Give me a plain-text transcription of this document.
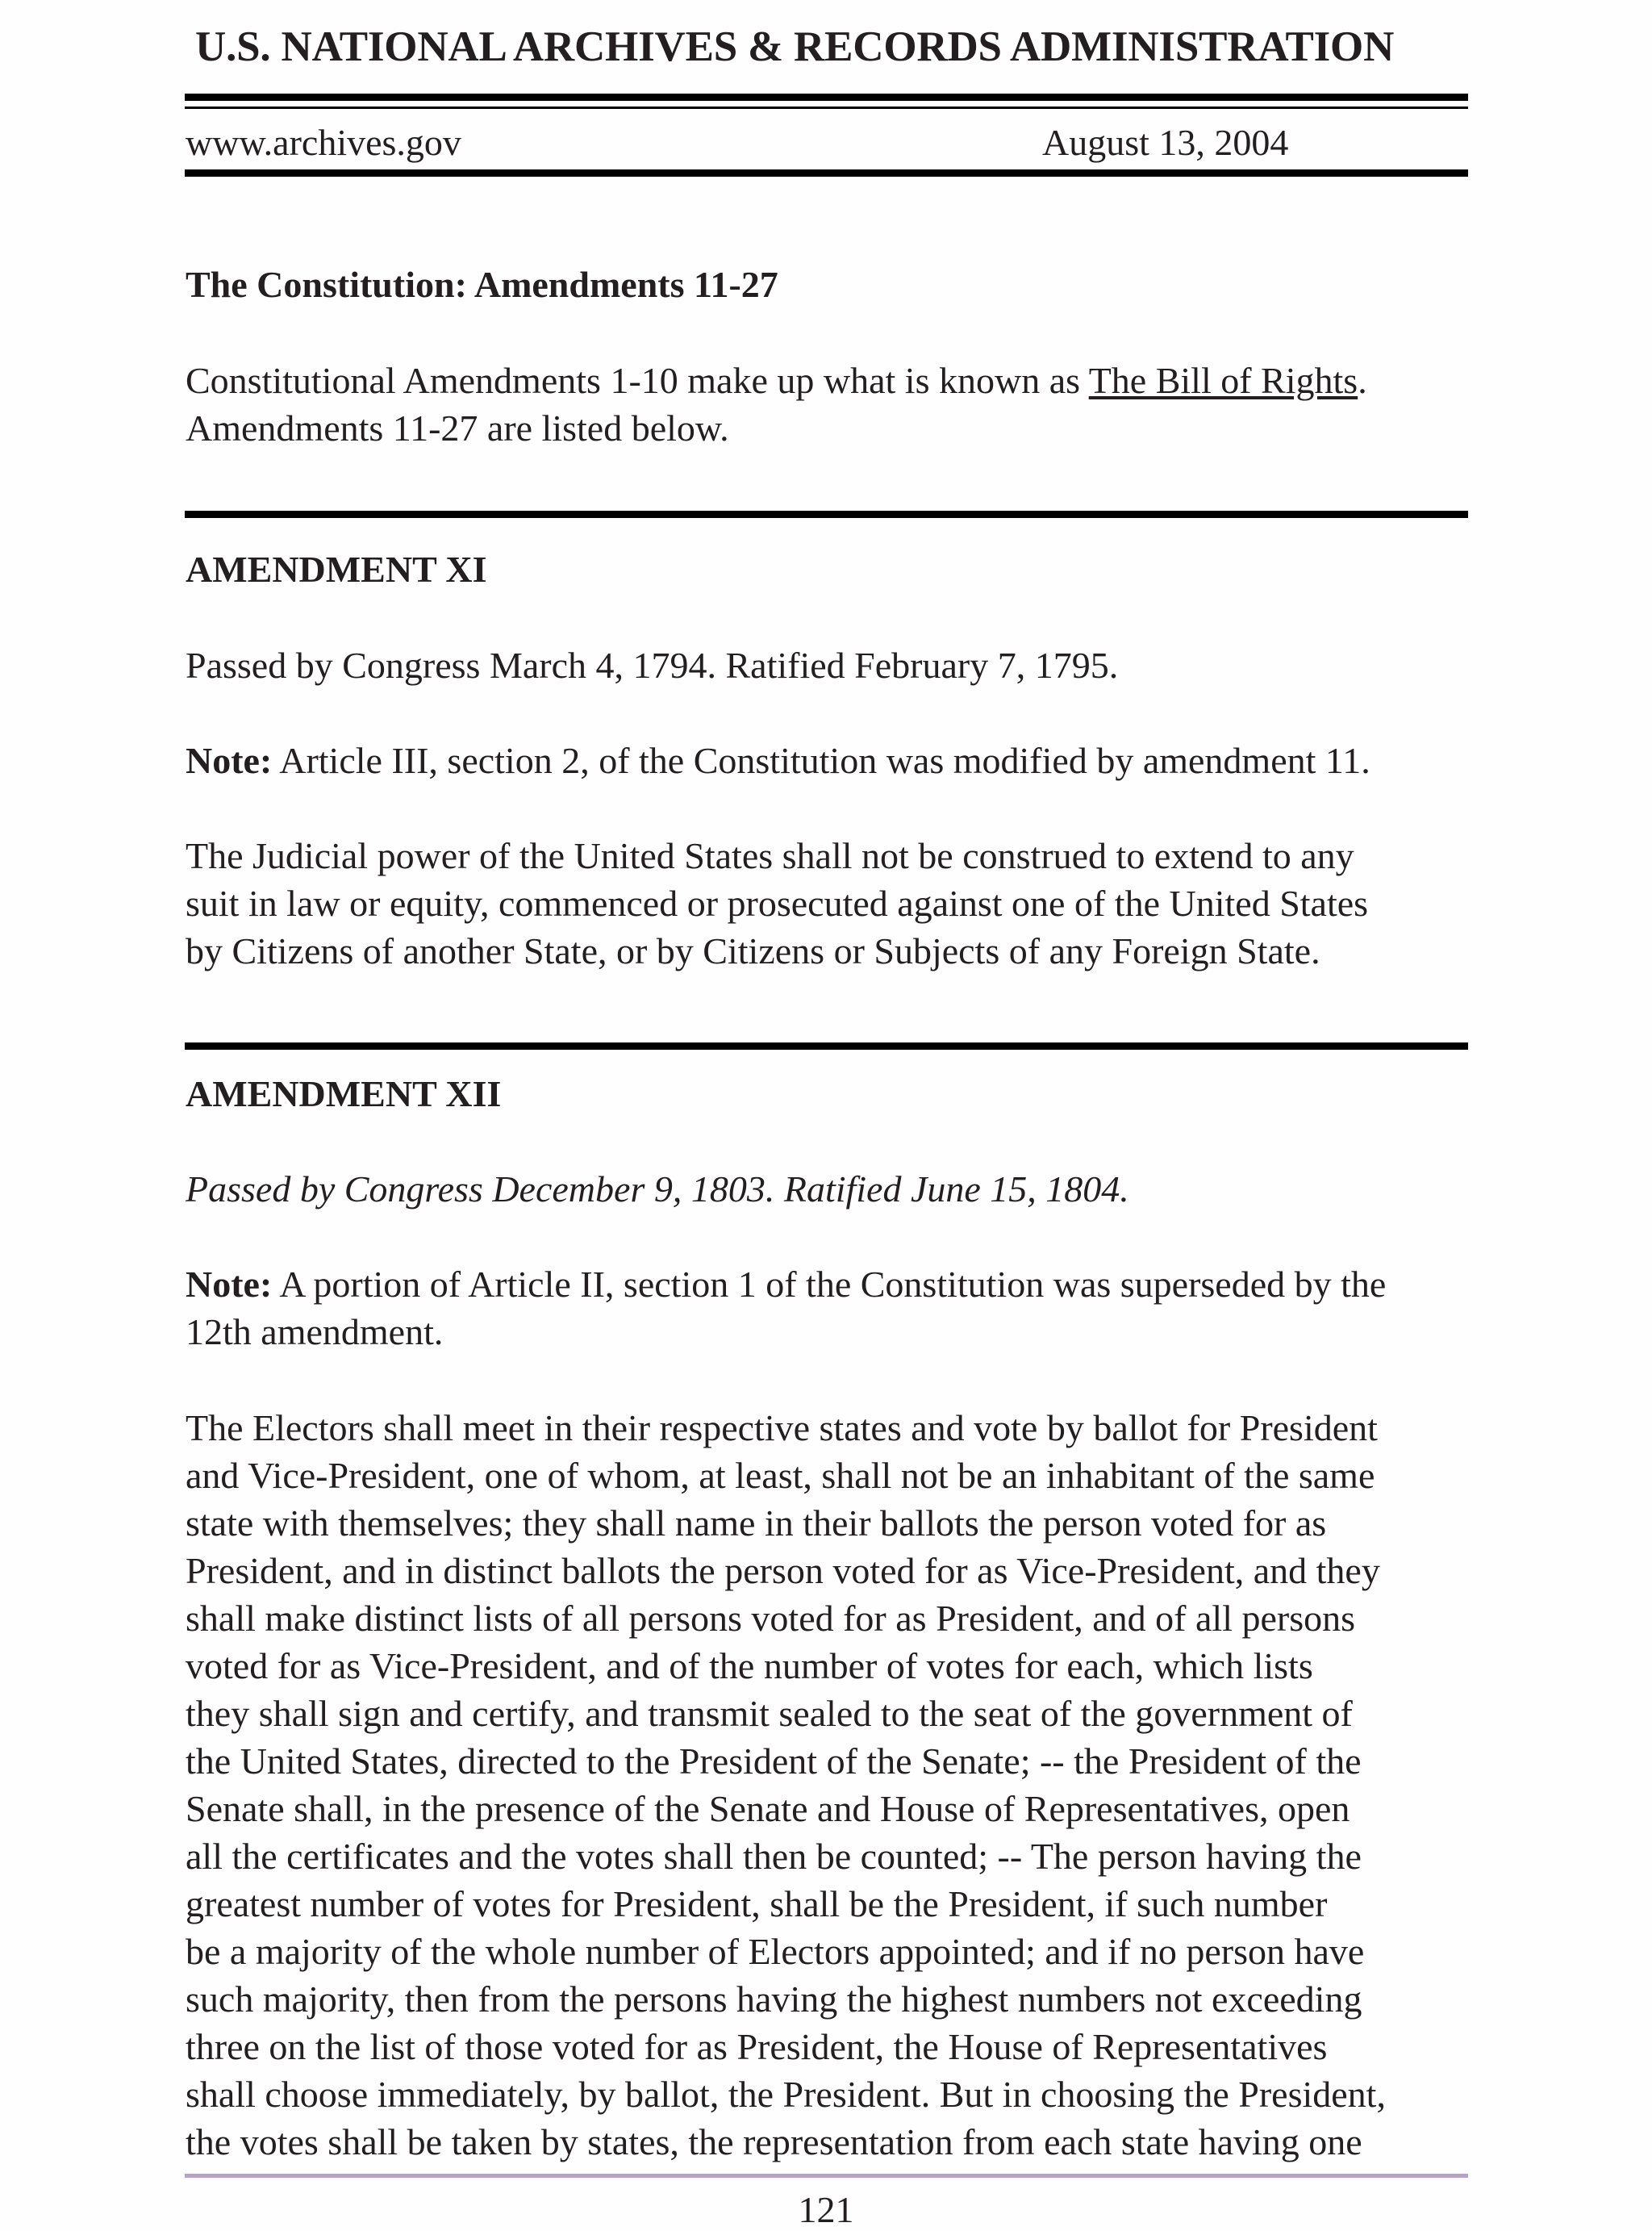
U.S. NATIONAL ARCHIVES & RECORDS ADMINISTRATION
www.archives.gov	August 13, 2004
The Constitution: Amendments 11-27
Constitutional Amendments 1-10 make up what is known as The Bill of Rights.
Amendments 11-27 are listed below.
AMENDMENT XI
Passed by Congress March 4, 1794. Ratified February 7, 1795.
Note: Article III, section 2, of the Constitution was modified by amendment 11.
The Judicial power of the United States shall not be construed to extend to any
suit in law or equity, commenced or prosecuted against one of the United States
by Citizens of another State, or by Citizens or Subjects of any Foreign State.
AMENDMENT XII
Passed by Congress December 9, 1803. Ratified June 15, 1804.
Note: A portion of Article II, section 1 of the Constitution was superseded by the
12th amendment.
The Electors shall meet in their respective states and vote by ballot for President
and Vice-President, one of whom, at least, shall not be an inhabitant of the same
state with themselves; they shall name in their ballots the person voted for as
President, and in distinct ballots the person voted for as Vice-President, and they
shall make distinct lists of all persons voted for as President, and of all persons
voted for as Vice-President, and of the number of votes for each, which lists
they shall sign and certify, and transmit sealed to the seat of the government of
the United States, directed to the President of the Senate; -- the President of the
Senate shall, in the presence of the Senate and House of Representatives, open
all the certificates and the votes shall then be counted; -- The person having the
greatest number of votes for President, shall be the President, if such number
be a majority of the whole number of Electors appointed; and if no person have
such majority, then from the persons having the highest numbers not exceeding
three on the list of those voted for as President, the House of Representatives
shall choose immediately, by ballot, the President. But in choosing the President,
the votes shall be taken by states, the representation from each state having one
121
